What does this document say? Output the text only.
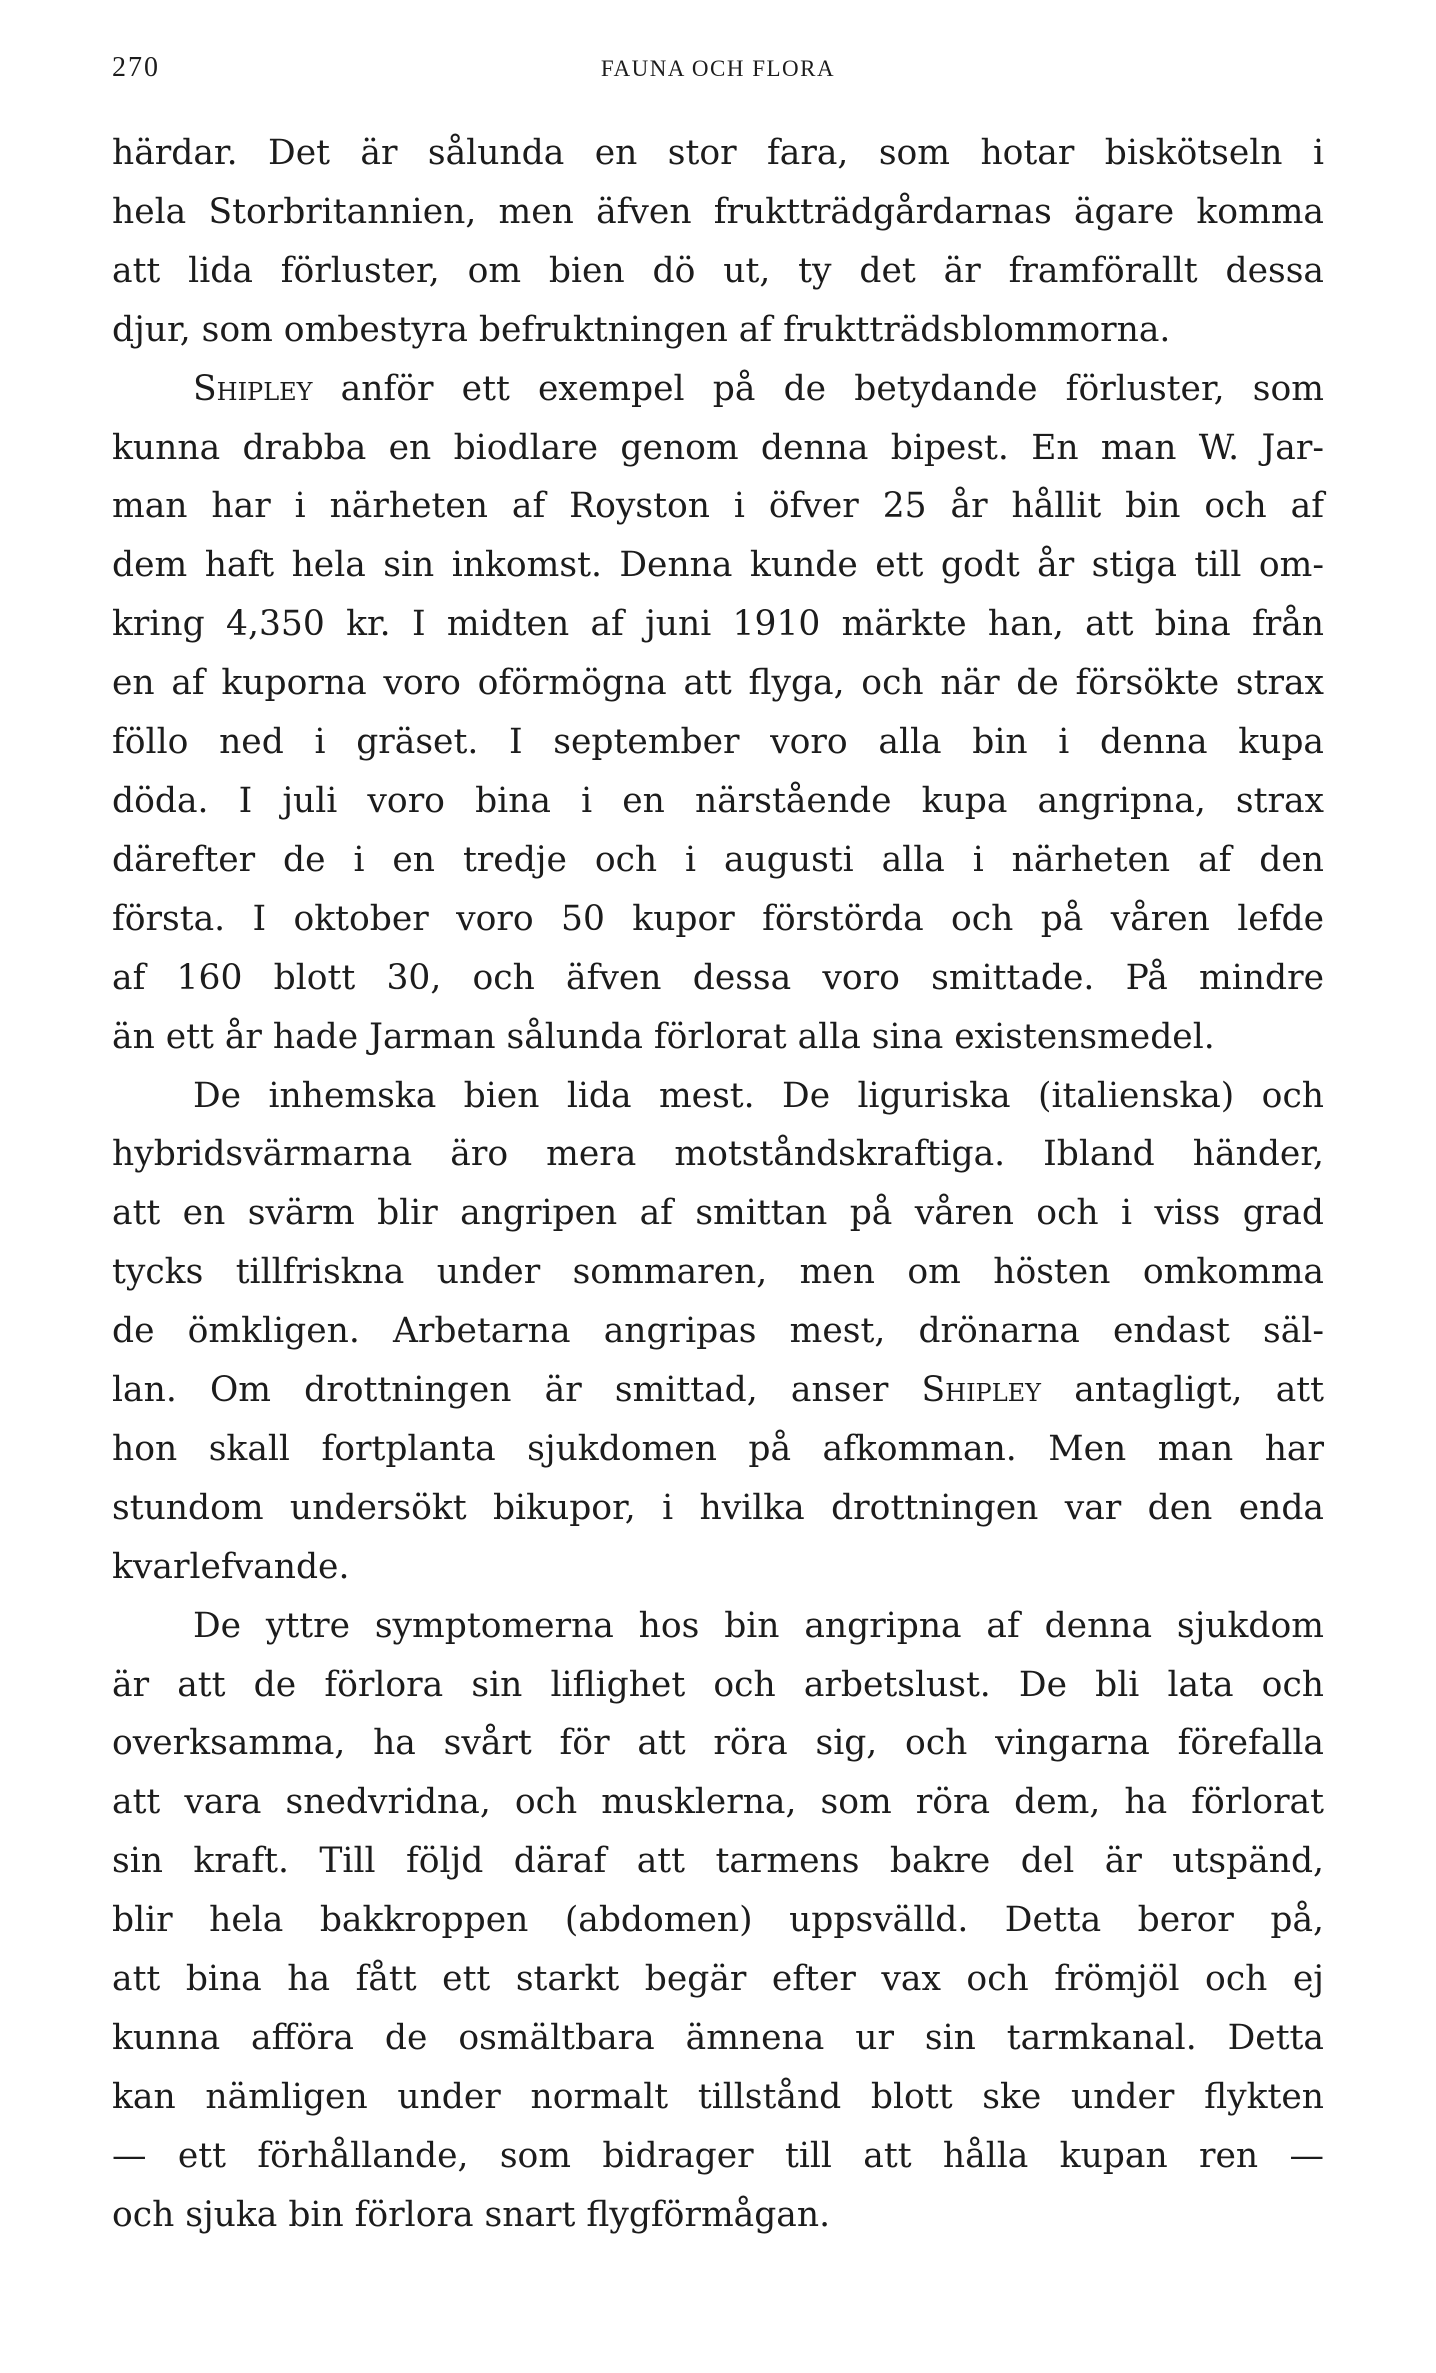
270	FAUNA OCH FLORA
härdar. Det är sålunda en stor fara, som hotar biskötseln i
hela Storbritannien, men äfven fruktträdgårdarnas ägare komma
att lida förluster, om bien dö ut, ty det är framförallt dessa
djur, som ombestyra befruktningen af fruktträdsblommorna.
Shipley anför ett exempel på de betydande förluster, som
kunna drabba en biodlare genom denna bipest. En man W. Jar-
man har i närheten af Royston i öfver 25 år hållit bin och af
dem haft hela sin inkomst. Denna kunde ett godt år stiga till om-
kring 4,350 kr. I midten af juni 1910 märkte han, att bina från
en af kuporna voro oförmögna att flyga, och när de försökte strax
föllo ned i gräset. I september voro alla bin i denna kupa
döda. I juli voro bina i en närstående kupa angripna, strax
därefter de i en tredje och i augusti alla i närheten af den
första. I oktober voro 50 kupor förstörda och på våren lefde
af 160 blott 30, och äfven dessa voro smittade. På mindre
än ett år hade Jarman sålunda förlorat alla sina existensmedel.
De inhemska bien lida mest. De liguriska (italienska) och
hybridsvärmarna äro mera motståndskraftiga. Ibland händer,
att en svärm blir angripen af smittan på våren och i viss grad
tycks tillfriskna under sommaren, men om hösten omkomma
de ömkligen. Arbetarna angripas mest, drönarna endast säl-
lan. Om drottningen är smittad, anser Shipley antagligt, att
hon skall fortplanta sjukdomen på afkomman. Men man har
stundom undersökt bikupor, i hvilka drottningen var den enda
kvarlefvande.
De yttre symptomerna hos bin angripna af denna sjukdom
är att de förlora sin liflighet och arbetslust. De bli lata och
overksamma, ha svårt för att röra sig, och vingarna förefalla
att vara snedvridna, och musklerna, som röra dem, ha förlorat
sin kraft. Till följd däraf att tarmens bakre del är utspänd,
blir hela bakkroppen (abdomen) uppsvälld. Detta beror på,
att bina ha fått ett starkt begär efter vax och frömjöl och ej
kunna afföra de osmältbara ämnena ur sin tarmkanal. Detta
kan nämligen under normalt tillstånd blott ske under flykten
— ett förhållande, som bidrager till att hålla kupan ren —
och sjuka bin förlora snart flygförmågan.
